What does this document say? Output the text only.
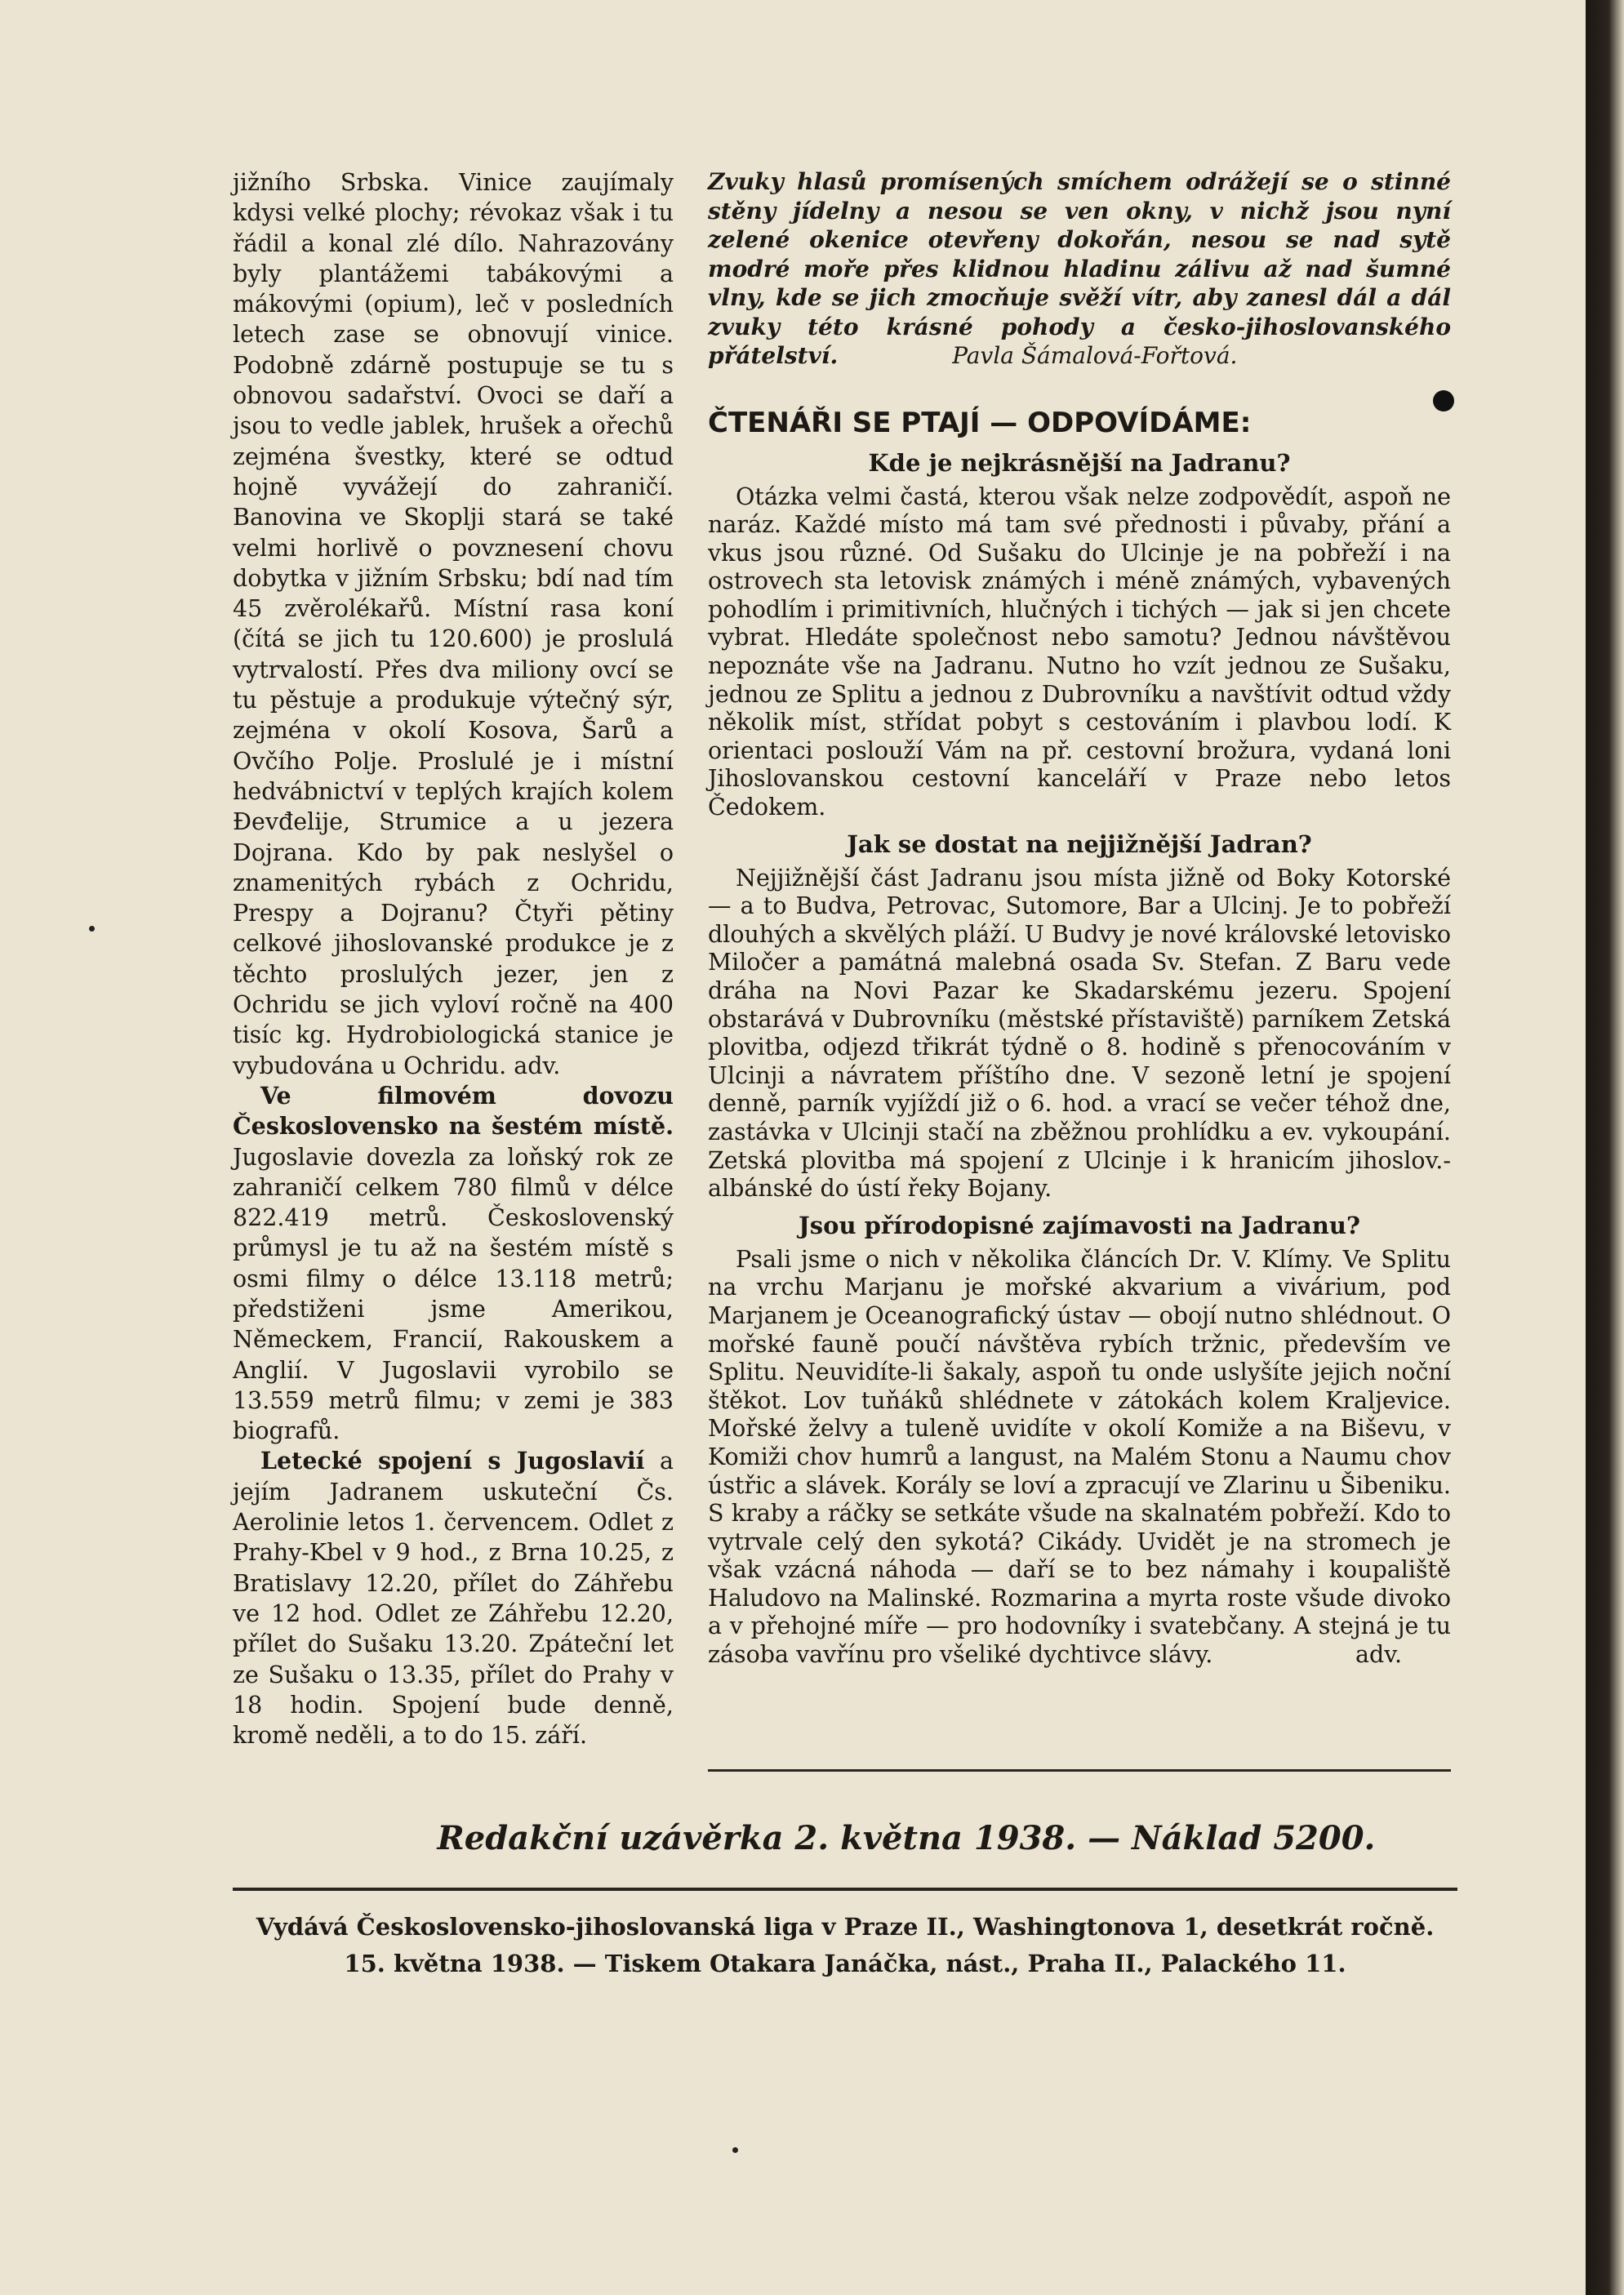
jižního Srbska. Vinice zaujímaly kdysi velké plochy; révokaz však i tu řádil a konal zlé dílo. Nahrazovány byly plantážemi tabákovými a mákovými (opium), leč v posledních letech zase se obnovují vinice. Podobně zdárně postupuje se tu s obnovou sadařství. Ovoci se daří a jsou to vedle jablek, hrušek a ořechů zejména švestky, které se odtud hojně vyvážejí do zahraničí. Banovina ve Skoplji stará se také velmi horlivě o povznesení chovu dobytka v jižním Srbsku; bdí nad tím 45 zvěrolékařů. Místní rasa koní (čítá se jich tu 120.600) je proslulá vytrvalostí. Přes dva miliony ovcí se tu pěstuje a produkuje výtečný sýr, zejména v okolí Kosova, Šarů a Ovčího Polje. Proslulé je i místní hedvábnictví v teplých krajích kolem Đevđelije, Strumice a u jezera Dojrana. Kdo by pak neslyšel o znamenitých rybách z Ochridu, Prespy a Dojranu? Čtyři pětiny celkové jihoslovanské produkce je z těchto proslulých jezer, jen z Ochridu se jich vyloví ročně na 400 tisíc kg. Hydrobiologická stanice je vybudována u Ochridu. adv.

Ve filmovém dovozu Československo na šestém místě. Jugoslavie dovezla za loňský rok ze zahraničí celkem 780 filmů v délce 822.419 metrů. Československý průmysl je tu až na šestém místě s osmi filmy o délce 13.118 metrů; předstiženi jsme Amerikou, Německem, Francií, Rakouskem a Anglií. V Jugoslavii vyrobilo se 13.559 metrů filmu; v zemi je 383 biografů.

Letecké spojení s Jugoslavií a jejím Jadranem uskuteční Čs. Aerolinie letos 1. červencem. Odlet z Prahy-Kbel v 9 hod., z Brna 10.25, z Bratislavy 12.20, přílet do Záhřebu ve 12 hod. Odlet ze Záhřebu 12.20, přílet do Sušaku 13.20. Zpáteční let ze Sušaku o 13.35, přílet do Prahy v 18 hodin. Spojení bude denně, kromě neděli, a to do 15. září.

Zvuky hlasů promísených smíchem odrážejí se o stinné stěny jídelny a nesou se ven okny, v nichž jsou nyní zelené okenice otevřeny dokořán, nesou se nad sytě modré moře přes klidnou hladinu zálivu až nad šumné vlny, kde se jich zmocňuje svěží vítr, aby zanesl dál a dál zvuky této krásné pohody a česko-jihoslovanského přátelství.	Pavla Šámalová-Fořtová.

ČTENÁŘI SE PTAJÍ — ODPOVÍDÁME:
Kde je nejkrásnější na Jadranu?

Otázka velmi častá, kterou však nelze zodpovědít, aspoň ne naráz. Každé místo má tam své přednosti i půvaby, přání a vkus jsou různé. Od Sušaku do Ulcinje je na pobřeží i na ostrovech sta letovisk známých i méně známých, vybavených pohodlím i primitivních, hlučných i tichých — jak si jen chcete vybrat. Hledáte společnost nebo samotu? Jednou návštěvou nepoznáte vše na Jadranu. Nutno ho vzít jednou ze Sušaku, jednou ze Splitu a jednou z Dubrovníku a navštívit odtud vždy několik míst, střídat pobyt s cestováním i plavbou lodí. K orientaci poslouží Vám na př. cestovní brožura, vydaná loni Jihoslovanskou cestovní kanceláří v Praze nebo letos Čedokem.

Jak se dostat na nejjižnější Jadran?

Nejjižnější část Jadranu jsou místa jižně od Boky Kotorské — a to Budva, Petrovac, Sutomore, Bar a Ulcinj. Je to pobřeží dlouhých a skvělých pláží. U Budvy je nové královské letovisko Miločer a památná malebná osada Sv. Stefan. Z Baru vede dráha na Novi Pazar ke Skadarskému jezeru. Spojení obstarává v Dubrovníku (městské přístaviště) parníkem Zetská plovitba, odjezd třikrát týdně o 8. hodině s přenocováním v Ulcinji a návratem příštího dne. V sezoně letní je spojení denně, parník vyjíždí již o 6. hod. a vrací se večer téhož dne, zastávka v Ulcinji stačí na zběžnou prohlídku a ev. vykoupání. Zetská plovitba má spojení z Ulcinje i k hranicím jihoslov.-albánské do ústí řeky Bojany.

Jsou přírodopisné zajímavosti na Jadranu?

Psali jsme o nich v několika článcích Dr. V. Klímy. Ve Splitu na vrchu Marjanu je mořské akvarium a vivárium, pod Marjanem je Oceanografický ústav — obojí nutno shlédnout. O mořské fauně poučí návštěva rybích tržnic, především ve Splitu. Neuvidíte-li šakaly, aspoň tu onde uslyšíte jejich noční štěkot. Lov tuňáků shlédnete v zátokách kolem Kraljevice. Mořské želvy a tuleně uvidíte v okolí Komiže a na Biševu, v Komiži chov humrů a langust, na Malém Stonu a Naumu chov ústřic a slávek. Korály se loví a zpracují ve Zlarinu u Šibeniku. S kraby a ráčky se setkáte všude na skalnatém pobřeží. Kdo to vytrvale celý den sykotá? Cikády. Uvidět je na stromech je však vzácná náhoda — daří se to bez námahy i koupaliště Haludovo na Malinské. Rozmarina a myrta roste všude divoko a v přehojné míře — pro hodovníky i svatebčany. A stejná je tu zásoba vavřínu pro všeliké dychtivce slávy.	adv.

Redakční uzávěrka 2. května 1938. — Náklad 5200.
Vydává Československo-jihoslovanská liga v Praze II., Washingtonova 1, desetkrát ročně.
15. května 1938. — Tiskem Otakara Janáčka, nást., Praha II., Palackého 11.
